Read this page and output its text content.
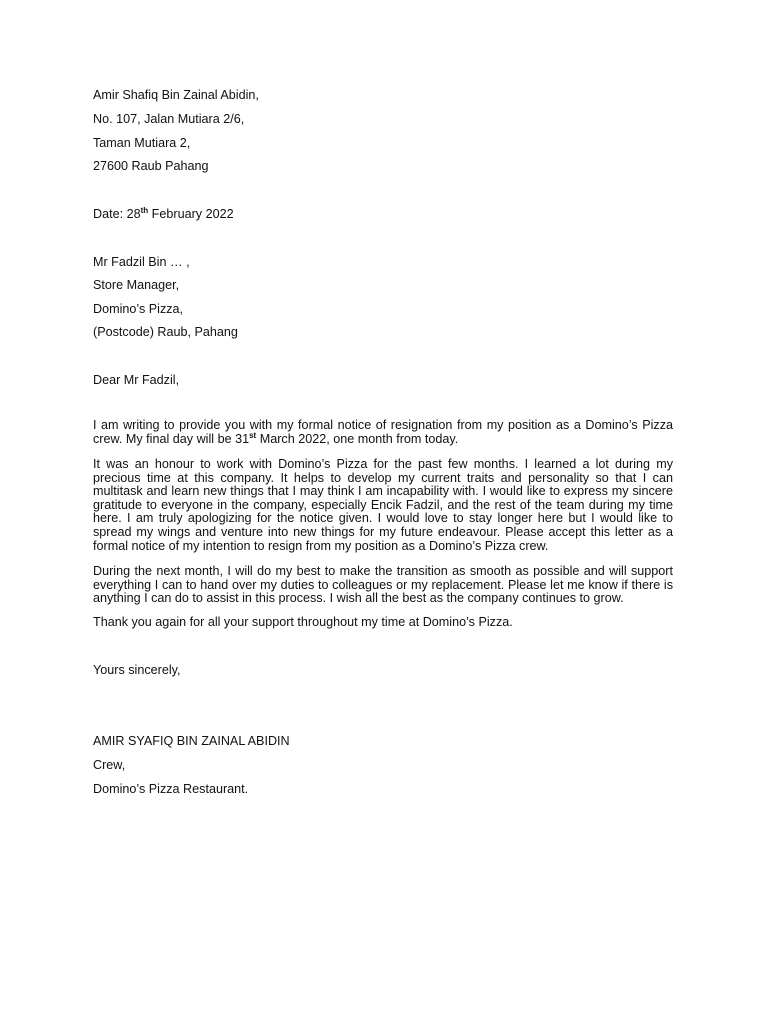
Amir Shafiq Bin Zainal Abidin,

No. 107, Jalan Mutiara 2/6,

Taman Mutiara 2,

27600 Raub Pahang

Date: 28th February 2022

Mr Fadzil Bin … ,

Store Manager,

Domino’s Pizza,

(Postcode) Raub, Pahang

Dear Mr Fadzil,

I am writing to provide you with my formal notice of resignation from my position as a Domino’s Pizza crew. My final day will be 31st March 2022, one month from today.

It was an honour to work with Domino’s Pizza for the past few months. I learned a lot during my precious time at this company. It helps to develop my current traits and personality so that I can multitask and learn new things that I may think I am incapability with. I would like to express my sincere gratitude to everyone in the company, especially Encik Fadzil, and the rest of the team during my time here. I am truly apologizing for the notice given. I would love to stay longer here but I would like to spread my wings and venture into new things for my future endeavour. Please accept this letter as a formal notice of my intention to resign from my position as a Domino’s Pizza crew.

During the next month, I will do my best to make the transition as smooth as possible and will support everything I can to hand over my duties to colleagues or my replacement. Please let me know if there is anything I can do to assist in this process. I wish all the best as the company continues to grow.

Thank you again for all your support throughout my time at Domino’s Pizza.

Yours sincerely,

AMIR SYAFIQ BIN ZAINAL ABIDIN

Crew,

Domino’s Pizza Restaurant.
